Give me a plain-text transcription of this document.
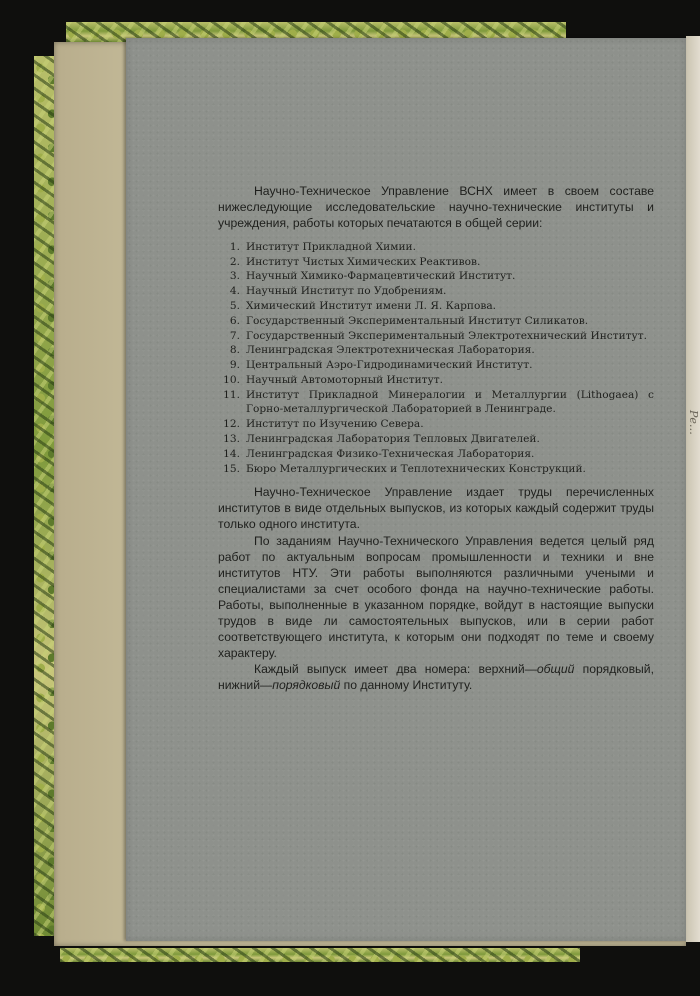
Ре…

Научно-Техническое Управление ВСНХ имеет в своем составе нижеследующие исследовательские научно-технические институты и учреждения, работы которых печатаются в общей серии:

1. Институт Прикладной Химии.
2. Институт Чистых Химических Реактивов.
3. Научный Химико-Фармацевтический Институт.
4. Научный Институт по Удобрениям.
5. Химический Институт имени Л. Я. Карпова.
6. Государственный Экспериментальный Институт Силикатов.
7. Государственный Экспериментальный Электротехнический Институт.
8. Ленинградская Электротехническая Лаборатория.
9. Центральный Аэро-Гидродинамический Институт.
10. Научный Автомоторный Институт.
11. Институт Прикладной Минералогии и Металлургии (Lithogaea) с Горно-металлургической Лабораторией в Ленинграде.
12. Институт по Изучению Севера.
13. Ленинградская Лаборатория Тепловых Двигателей.
14. Ленинградская Физико-Техническая Лаборатория.
15. Бюро Металлургических и Теплотехнических Конструкций.

Научно-Техническое Управление издает труды перечисленных институтов в виде отдельных выпусков, из которых каждый содержит труды только одного института.

По заданиям Научно-Технического Управления ведется целый ряд работ по актуальным вопросам промышленности и техники и вне институтов НТУ. Эти работы выполняются различными учеными и специалистами за счет особого фонда на научно-технические работы. Работы, выполненные в указанном порядке, войдут в настоящие выпуски трудов в виде ли самостоятельных выпусков, или в серии работ соответствующего института, к которым они подходят по теме и своему характеру.

Каждый выпуск имеет два номера: верхний—общий порядковый, нижний—порядковый по данному Институту.
